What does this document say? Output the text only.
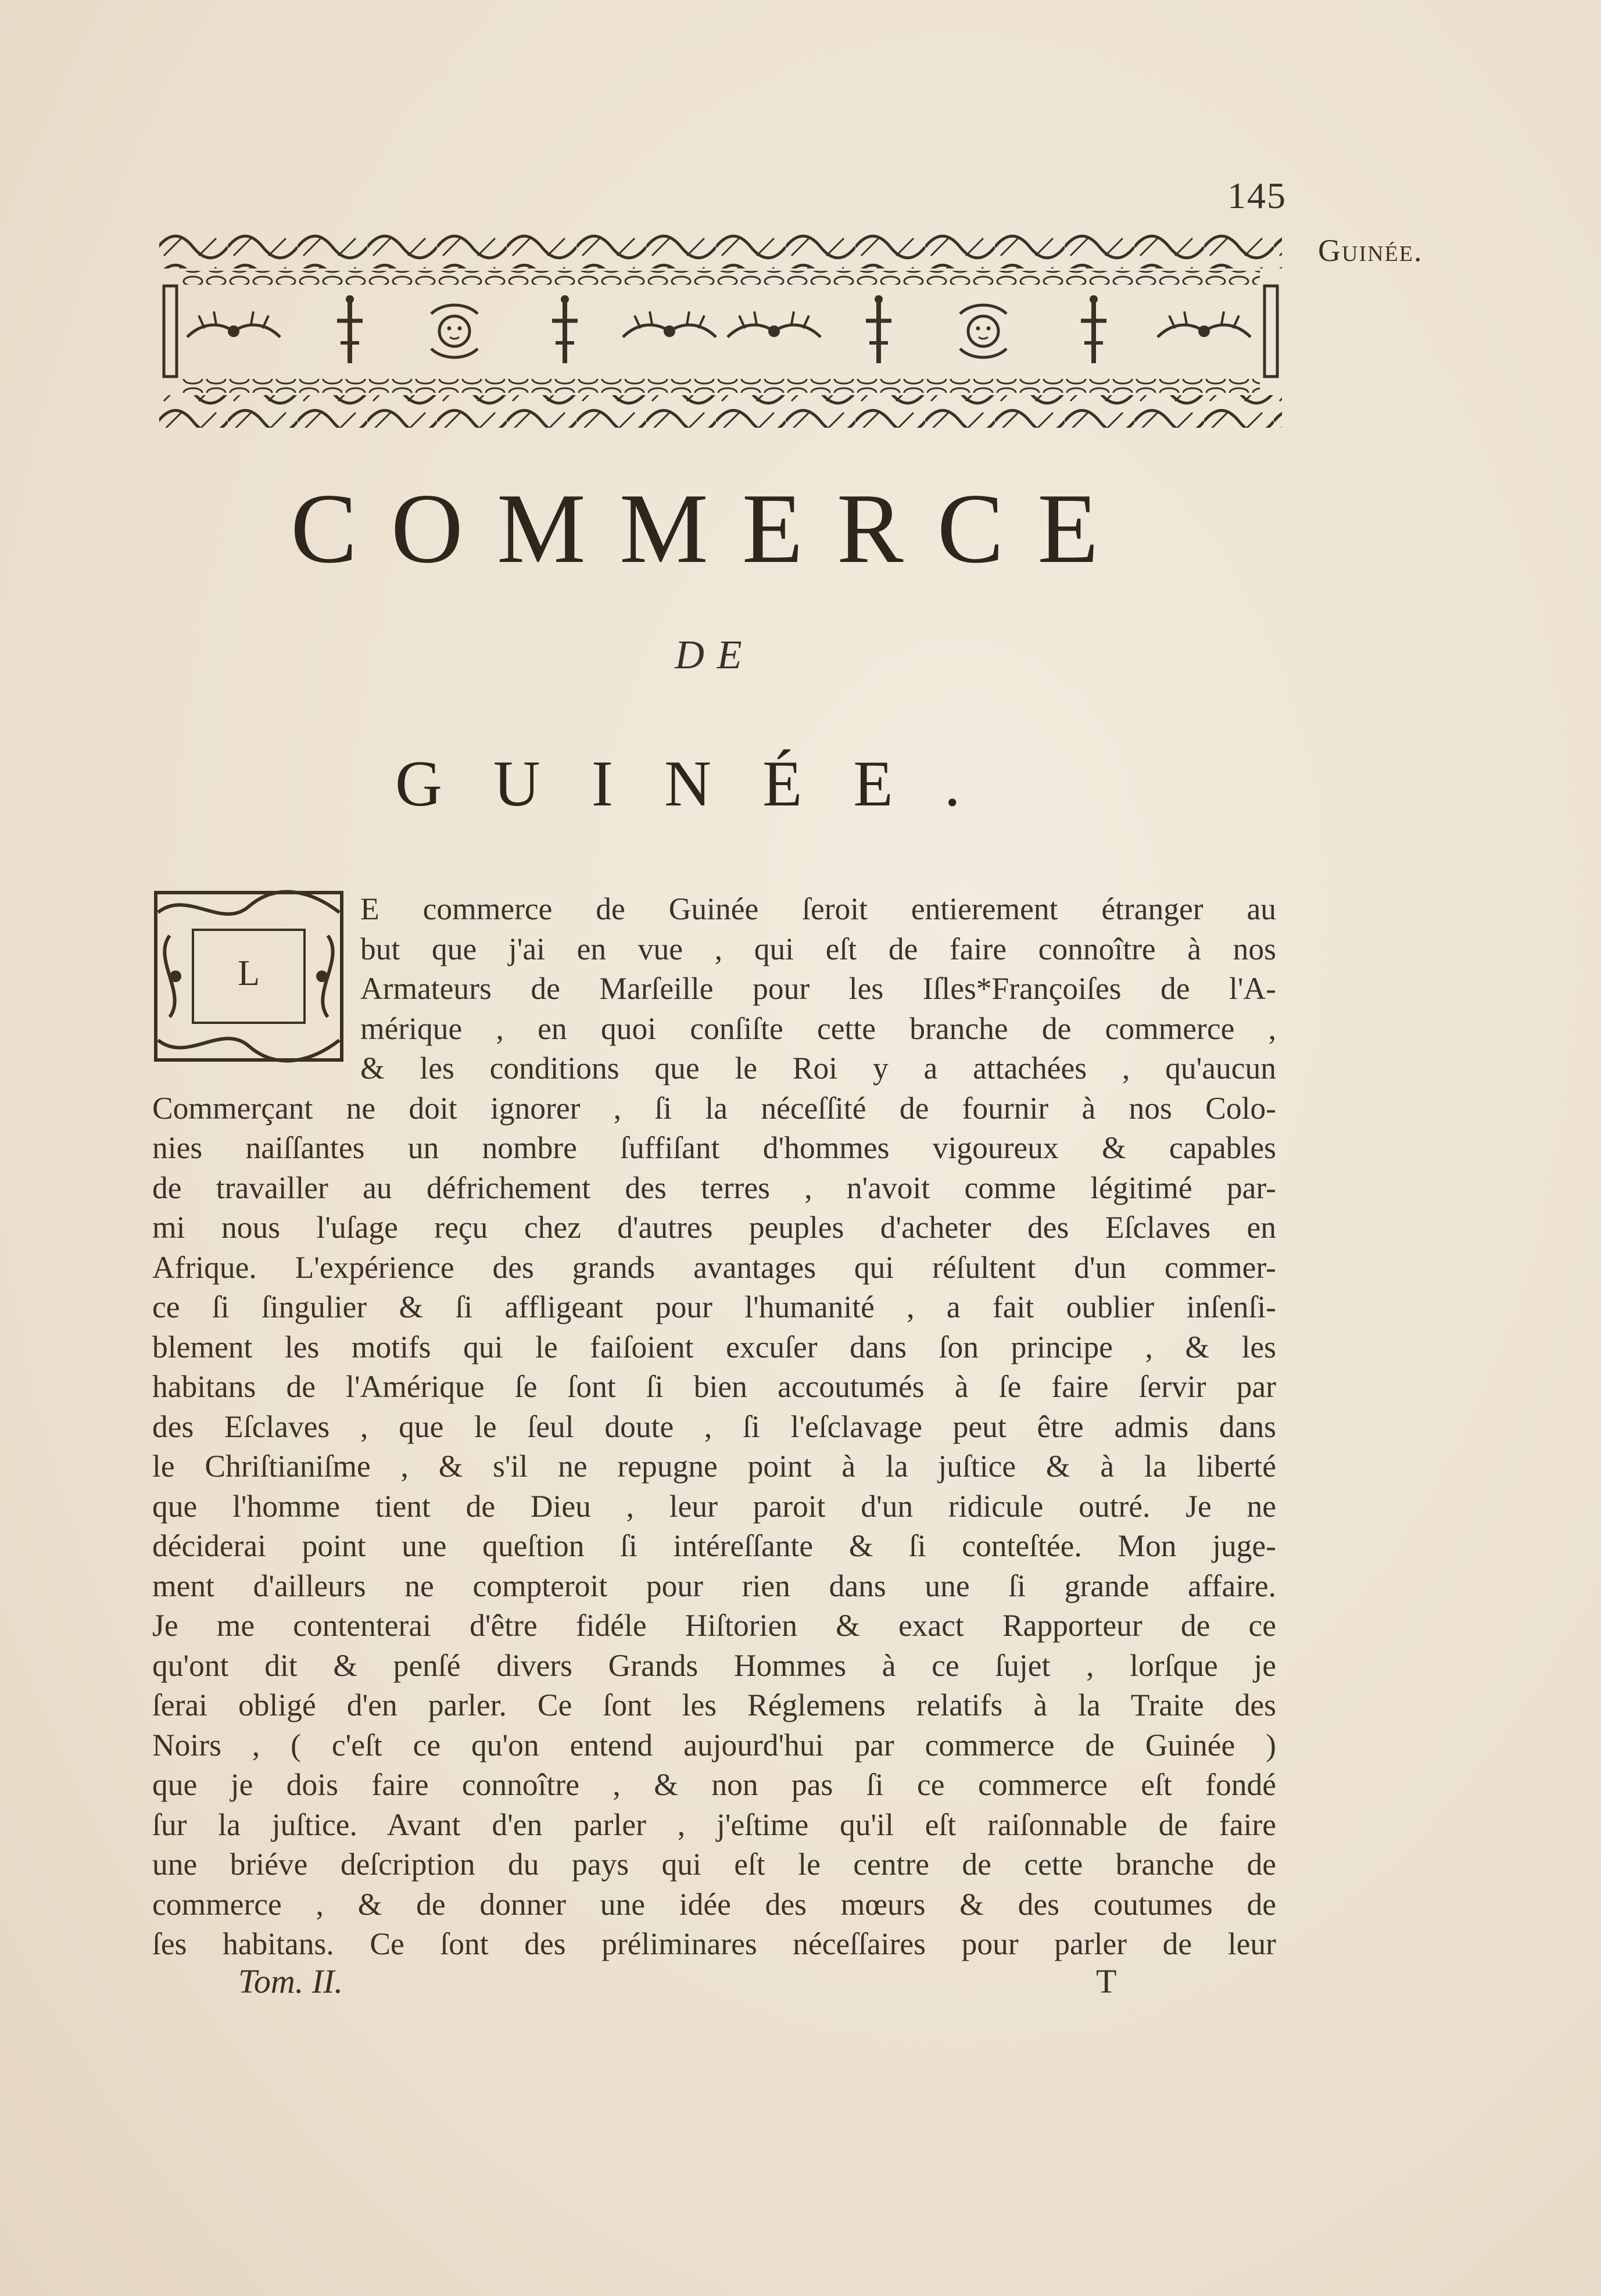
145
Guinée.
COMMERCE
DE
GUINÉE.
L
E commerce de Guinée ſeroit entierement étranger au
but que j'ai en vue , qui eſt de faire connoître à nos
Armateurs de Marſeille pour les Iſles*Françoiſes de l'A-
mérique , en quoi conſiſte cette branche de commerce ,
& les conditions que le Roi y a attachées , qu'aucun
Commerçant ne doit ignorer , ſi la néceſſité de fournir à nos Colo-
nies naiſſantes un nombre ſuffiſant d'hommes vigoureux & capables
de travailler au défrichement des terres , n'avoit comme légitimé par-
mi nous l'uſage reçu chez d'autres peuples d'acheter des Eſclaves en
Afrique. L'expérience des grands avantages qui réſultent d'un commer-
ce ſi ſingulier & ſi affligeant pour l'humanité , a fait oublier inſenſi-
blement les motifs qui le faiſoient excuſer dans ſon principe , & les
habitans de l'Amérique ſe ſont ſi bien accoutumés à ſe faire ſervir par
des Eſclaves , que le ſeul doute , ſi l'eſclavage peut être admis dans
le Chriſtianiſme , & s'il ne repugne point à la juſtice & à la liberté
que l'homme tient de Dieu , leur paroit d'un ridicule outré. Je ne
déciderai point une queſtion ſi intéreſſante & ſi conteſtée. Mon juge-
ment d'ailleurs ne compteroit pour rien dans une ſi grande affaire.
Je me contenterai d'être fidéle Hiſtorien & exact Rapporteur de ce
qu'ont dit & penſé divers Grands Hommes à ce ſujet , lorſque je
ſerai obligé d'en parler. Ce ſont les Réglemens relatifs à la Traite des
Noirs , ( c'eſt ce qu'on entend aujourd'hui par commerce de Guinée )
que je dois faire connoître , & non pas ſi ce commerce eſt fondé
ſur la juſtice. Avant d'en parler , j'eſtime qu'il eſt raiſonnable de faire
une briéve deſcription du pays qui eſt le centre de cette branche de
commerce , & de donner une idée des mœurs & des coutumes de
ſes habitans. Ce ſont des préliminares néceſſaires pour parler de leur
Tom. II.	T
